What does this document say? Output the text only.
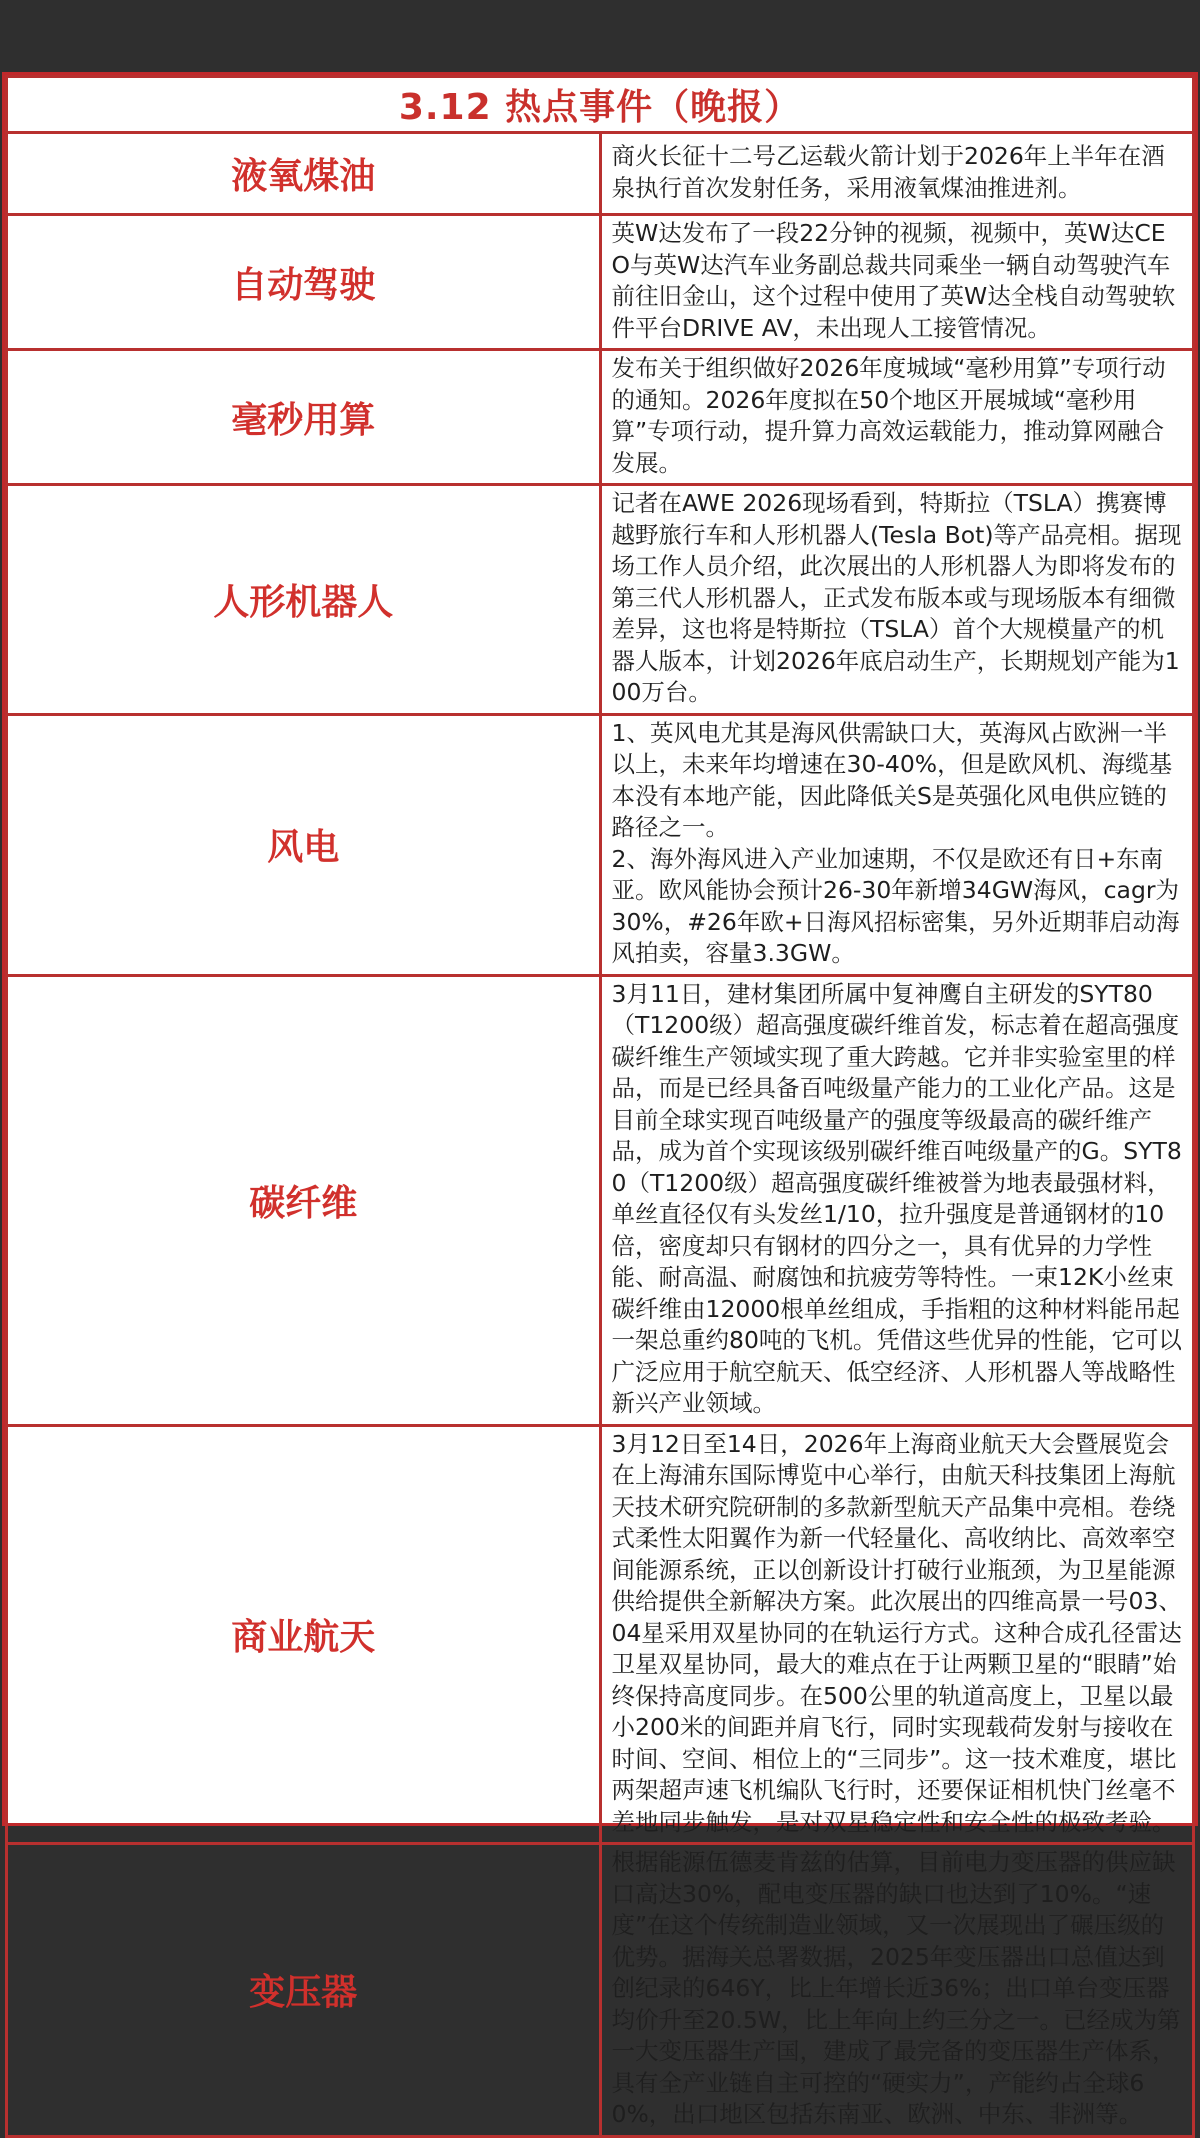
3.12 热点事件（晚报）	
液氧煤油	商火长征十二号乙运载火箭计划于2026年上半年在酒泉执行首次发射任务，采用液氧煤油推进剂。

自动驾驶	英W达发布了一段22分钟的视频，视频中，英W达CEO与英W达汽车业务副总裁共同乘坐一辆自动驾驶汽车前往旧金山，这个过程中使用了英W达全栈自动驾驶软件平台DRIVE AV，未出现人工接管情况。

毫秒用算	发布关于组织做好2026年度城域“毫秒用算”专项行动的通知。2026年度拟在50个地区开展城域“毫秒用算”专项行动，提升算力高效运载能力，推动算网融合发展。

人形机器人	记者在AWE 2026现场看到，特斯拉（TSLA）携赛博越野旅行车和人形机器人(Tesla Bot)等产品亮相。据现场工作人员介绍，此次展出的人形机器人为即将发布的第三代人形机器人，正式发布版本或与现场版本有细微差异，这也将是特斯拉（TSLA）首个大规模量产的机器人版本，计划2026年底启动生产，长期规划产能为100万台。

风电	1、英风电尤其是海风供需缺口大，英海风占欧洲一半以上，未来年均增速在30-40%，但是欧风机、海缆基本没有本地产能，因此降低关S是英强化风电供应链的路径之一。
2、海外海风进入产业加速期，不仅是欧还有日+东南亚。欧风能协会预计26-30年新增34GW海风，cagr为30%，#26年欧+日海风招标密集，另外近期菲启动海风拍卖，容量3.3GW。

碳纤维	3月11日，建材集团所属中复神鹰自主研发的SYT80（T1200级）超高强度碳纤维首发，标志着在超高强度碳纤维生产领域实现了重大跨越。它并非实验室里的样品，而是已经具备百吨级量产能力的工业化产品。这是目前全球实现百吨级量产的强度等级最高的碳纤维产品，成为首个实现该级别碳纤维百吨级量产的G。SYT80（T1200级）超高强度碳纤维被誉为地表最强材料，单丝直径仅有头发丝1/10，拉升强度是普通钢材的10倍，密度却只有钢材的四分之一，具有优异的力学性能、耐高温、耐腐蚀和抗疲劳等特性。一束12K小丝束碳纤维由12000根单丝组成，手指粗的这种材料能吊起一架总重约80吨的飞机。凭借这些优异的性能，它可以广泛应用于航空航天、低空经济、人形机器人等战略性新兴产业领域。

商业航天	3月12日至14日，2026年上海商业航天大会暨展览会在上海浦东国际博览中心举行，由航天科技集团上海航天技术研究院研制的多款新型航天产品集中亮相。卷绕式柔性太阳翼作为新一代轻量化、高收纳比、高效率空间能源系统，正以创新设计打破行业瓶颈，为卫星能源供给提供全新解决方案。此次展出的四维高景一号03、04星采用双星协同的在轨运行方式。这种合成孔径雷达卫星双星协同，最大的难点在于让两颗卫星的“眼睛”始终保持高度同步。在500公里的轨道高度上，卫星以最小200米的间距并肩飞行，同时实现载荷发射与接收在时间、空间、相位上的“三同步”。这一技术难度，堪比两架超声速飞机编队飞行时，还要保证相机快门丝毫不差地同步触发，是对双星稳定性和安全性的极致考验。

变压器	根据能源伍德麦肯兹的估算，目前电力变压器的供应缺口高达30%，配电变压器的缺口也达到了10%。“速度”在这个传统制造业领域，又一次展现出了碾压级的优势。据海关总署数据，2025年变压器出口总值达到创纪录的646Y，比上年增长近36%；出口单台变压器均价升至20.5W，比上年向上约三分之一。已经成为第一大变压器生产国，建成了最完备的变压器生产体系，具有全产业链自主可控的“硬实力”，产能约占全球60%，出口地区包括东南亚、欧洲、中东、非洲等。
